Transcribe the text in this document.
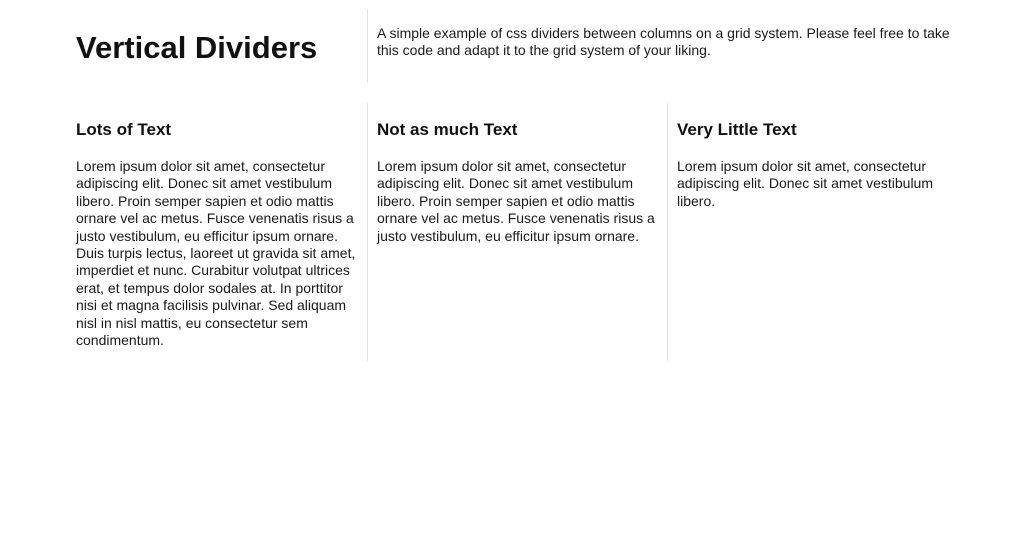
Vertical Dividers	A simple example of css dividers between columns on a grid system. Please feel free to take this code and adapt it to the grid system of your liking.

Lots of Text

Lorem ipsum dolor sit amet, consectetur adipiscing elit. Donec sit amet vestibulum libero. Proin semper sapien et odio mattis ornare vel ac metus. Fusce venenatis risus a justo vestibulum, eu efficitur ipsum ornare. Duis turpis lectus, laoreet ut gravida sit amet, imperdiet et nunc. Curabitur volutpat ultrices erat, et tempus dolor sodales at. In porttitor nisi et magna facilisis pulvinar. Sed aliquam nisl in nisl mattis, eu consectetur sem condimentum.

Not as much Text

Lorem ipsum dolor sit amet, consectetur adipiscing elit. Donec sit amet vestibulum libero. Proin semper sapien et odio mattis ornare vel ac metus. Fusce venenatis risus a justo vestibulum, eu efficitur ipsum ornare.

Very Little Text

Lorem ipsum dolor sit amet, consectetur adipiscing elit. Donec sit amet vestibulum libero.
